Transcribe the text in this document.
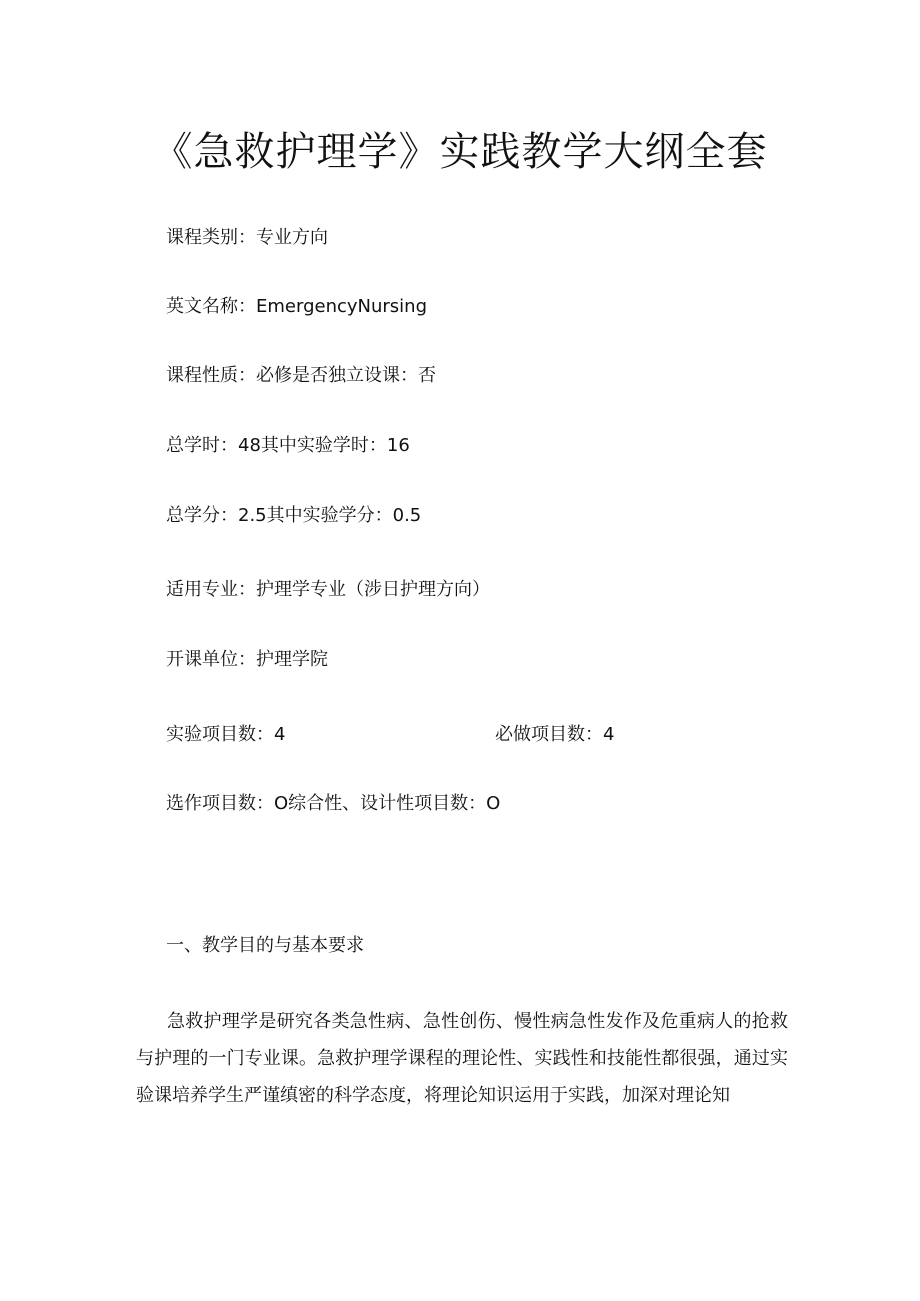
《急救护理学》实践教学大纲全套
课程类别：专业方向
英文名称：EmergencyNursing
课程性质：必修是否独立设课：否
总学时：48其中实验学时：16
总学分：2.5其中实验学分：0.5
适用专业：护理学专业（涉日护理方向）
开课单位：护理学院
实验项目数：4	必做项目数：4
选作项目数：O综合性、设计性项目数：O
一、教学目的与基本要求

急救护理学是研究各类急性病、急性创伤、慢性病急性发作及危重病人的抢救与护理的一门专业课。急救护理学课程的理论性、实践性和技能性都很强，通过实验课培养学生严谨缜密的科学态度，将理论知识运用于实践，加深对理论知
